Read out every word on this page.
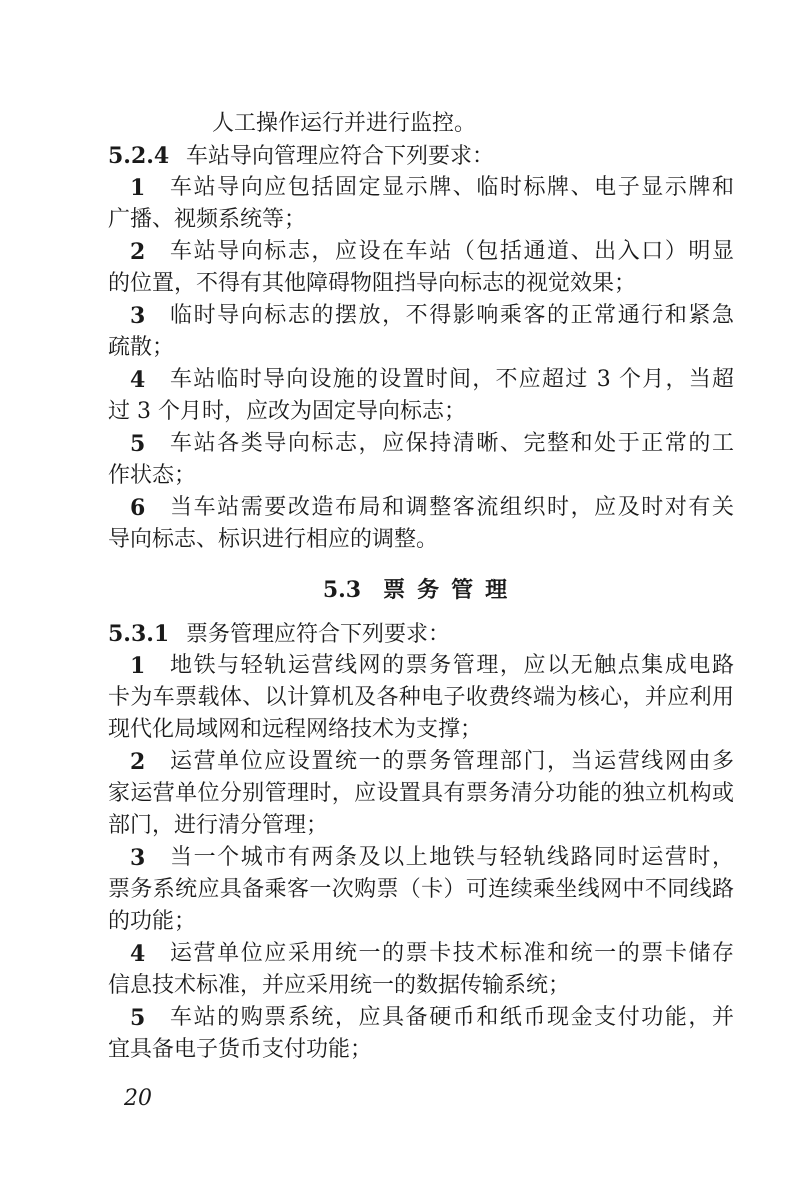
人工操作运行并进行监控。
5.2.4 车站导向管理应符合下列要求：
1	车站导向应包括固定显示牌、临时标牌、电子显示牌和
广播、视频系统等；
2	车站导向标志，应设在车站（包括通道、出入口）明显
的位置，不得有其他障碍物阻挡导向标志的视觉效果；
3	临时导向标志的摆放，不得影响乘客的正常通行和紧急
疏散；
4	车站临时导向设施的设置时间，不应超过 3 个月，当超
过 3 个月时，应改为固定导向标志；
5	车站各类导向标志，应保持清晰、完整和处于正常的工
作状态；
6	当车站需要改造布局和调整客流组织时，应及时对有关
导向标志、标识进行相应的调整。
5.3 票务管理
5.3.1 票务管理应符合下列要求：
1	地铁与轻轨运营线网的票务管理，应以无触点集成电路
卡为车票载体、以计算机及各种电子收费终端为核心，并应利用
现代化局域网和远程网络技术为支撑；
2	运营单位应设置统一的票务管理部门，当运营线网由多
家运营单位分别管理时，应设置具有票务清分功能的独立机构或
部门，进行清分管理；
3	当一个城市有两条及以上地铁与轻轨线路同时运营时，
票务系统应具备乘客一次购票（卡）可连续乘坐线网中不同线路
的功能；
4	运营单位应采用统一的票卡技术标准和统一的票卡储存
信息技术标准，并应采用统一的数据传输系统；
5	车站的购票系统，应具备硬币和纸币现金支付功能，并
宜具备电子货币支付功能；
20
